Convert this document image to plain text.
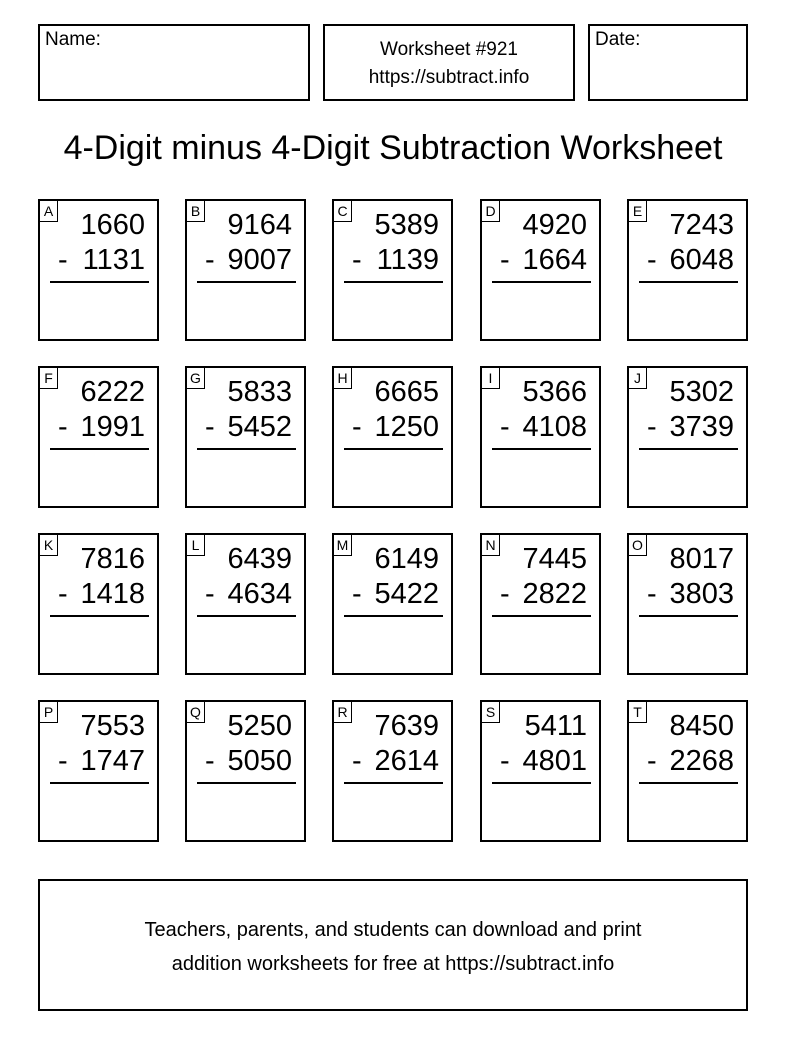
Name:	Worksheet #921
https://subtract.info
Date:
4-Digit minus 4-Digit Subtraction Worksheet
A 1660
- 1131
B 9164
- 9007
C 5389
- 1139
D 4920
- 1664
E 7243
- 6048
F 6222
- 1991
G 5833
- 5452
H 6665
- 1250
I 5366
- 4108
J 5302
- 3739
K 7816
- 1418
L 6439
- 4634
M 6149
- 5422
N 7445
- 2822
O 8017
- 3803
P 7553
- 1747
Q 5250
- 5050
R 7639
- 2614
S 5411
- 4801
T 8450
- 2268
Teachers, parents, and students can download and print
addition worksheets for free at https://subtract.info
